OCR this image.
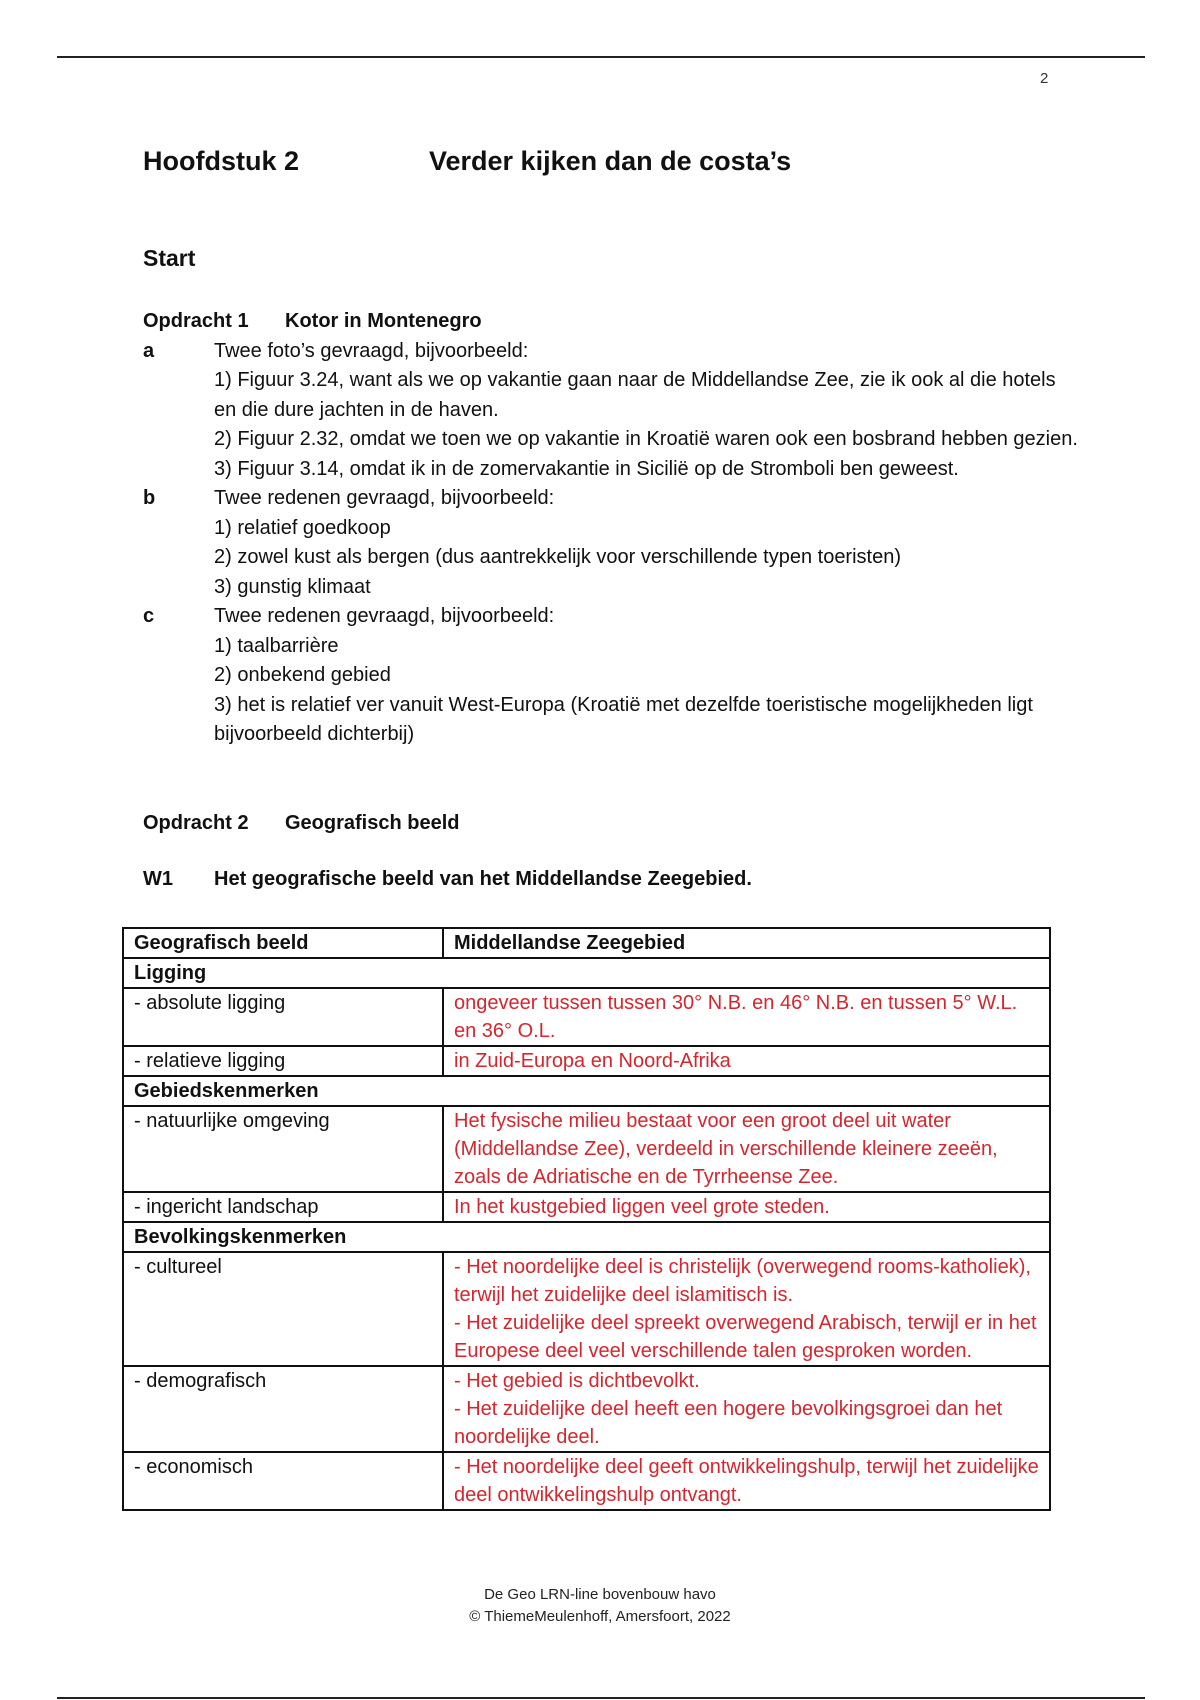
2
Hoofdstuk 2	Verder kijken dan de costa’s
Start
Opdracht 1	Kotor in Montenegro
a	Twee foto’s gevraagd, bijvoorbeeld:
1) Figuur 3.24, want als we op vakantie gaan naar de Middellandse Zee, zie ik ook al die hotels en die dure jachten in de haven.
2) Figuur 2.32, omdat we toen we op vakantie in Kroatië waren ook een bosbrand hebben gezien.
3) Figuur 3.14, omdat ik in de zomervakantie in Sicilië op de Stromboli ben geweest.
b	Twee redenen gevraagd, bijvoorbeeld:
1) relatief goedkoop
2) zowel kust als bergen (dus aantrekkelijk voor verschillende typen toeristen)
3) gunstig klimaat
c	Twee redenen gevraagd, bijvoorbeeld:
1) taalbarrière
2) onbekend gebied
3) het is relatief ver vanuit West-Europa (Kroatië met dezelfde toeristische mogelijkheden ligt bijvoorbeeld dichterbij)
Opdracht 2	Geografisch beeld
W1	Het geografische beeld van het Middellandse Zeegebied.
Geografisch beeld	Middellandse Zeegebied
Ligging	
- absolute ligging	ongeveer tussen tussen 30° N.B. en 46° N.B. en tussen 5° W.L. en 36° O.L.
- relatieve ligging	in Zuid-Europa en Noord-Afrika
Gebiedskenmerken	
- natuurlijke omgeving	Het fysische milieu bestaat voor een groot deel uit water (Middellandse Zee), verdeeld in verschillende kleinere zeeën, zoals de Adriatische en de Tyrrheense Zee.
- ingericht landschap	In het kustgebied liggen veel grote steden.
Bevolkingskenmerken	
- cultureel	- Het noordelijke deel is christelijk (overwegend rooms-katholiek), terwijl het zuidelijke deel islamitisch is.
- Het zuidelijke deel spreekt overwegend Arabisch, terwijl er in het Europese deel veel verschillende talen gesproken worden.

- demografisch	- Het gebied is dichtbevolkt.
- Het zuidelijke deel heeft een hogere bevolkingsgroei dan het noordelijke deel.

- economisch	- Het noordelijke deel geeft ontwikkelingshulp, terwijl het zuidelijke deel ontwikkelingshulp ontvangt.
De Geo LRN-line bovenbouw havo
© ThiemeMeulenhoff, Amersfoort, 2022
